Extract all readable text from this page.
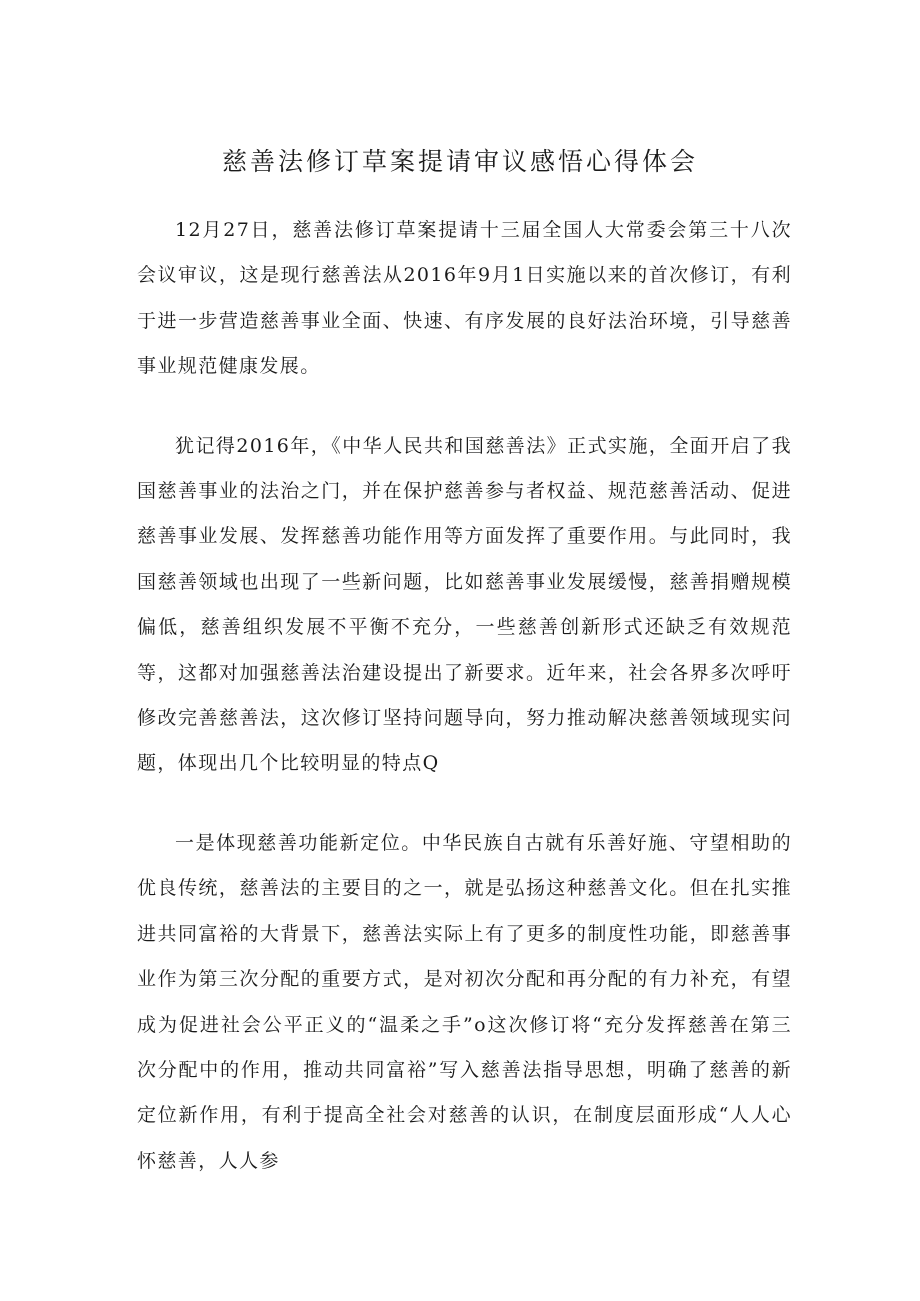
慈善法修订草案提请审议感悟心得体会

12月27日，慈善法修订草案提请十三届全国人大常委会第三十八次会议审议，这是现行慈善法从2016年9月1日实施以来的首次修订，有利于进一步营造慈善事业全面、快速、有序发展的良好法治环境，引导慈善事业规范健康发展。

犹记得2016年，《中华人民共和国慈善法》正式实施，全面开启了我国慈善事业的法治之门，并在保护慈善参与者权益、规范慈善活动、促进慈善事业发展、发挥慈善功能作用等方面发挥了重要作用。与此同时，我国慈善领域也出现了一些新问题，比如慈善事业发展缓慢，慈善捐赠规模偏低，慈善组织发展不平衡不充分，一些慈善创新形式还缺乏有效规范等，这都对加强慈善法治建设提出了新要求。近年来，社会各界多次呼吁修改完善慈善法，这次修订坚持问题导向，努力推动解决慈善领域现实问题，体现出几个比较明显的特点Q

一是体现慈善功能新定位。中华民族自古就有乐善好施、守望相助的优良传统，慈善法的主要目的之一，就是弘扬这种慈善文化。但在扎实推进共同富裕的大背景下，慈善法实际上有了更多的制度性功能，即慈善事业作为第三次分配的重要方式，是对初次分配和再分配的有力补充，有望成为促进社会公平正义的“温柔之手”o这次修订将“充分发挥慈善在第三次分配中的作用，推动共同富裕”写入慈善法指导思想，明确了慈善的新定位新作用，有利于提高全社会对慈善的认识，在制度层面形成“人人心怀慈善，人人参
